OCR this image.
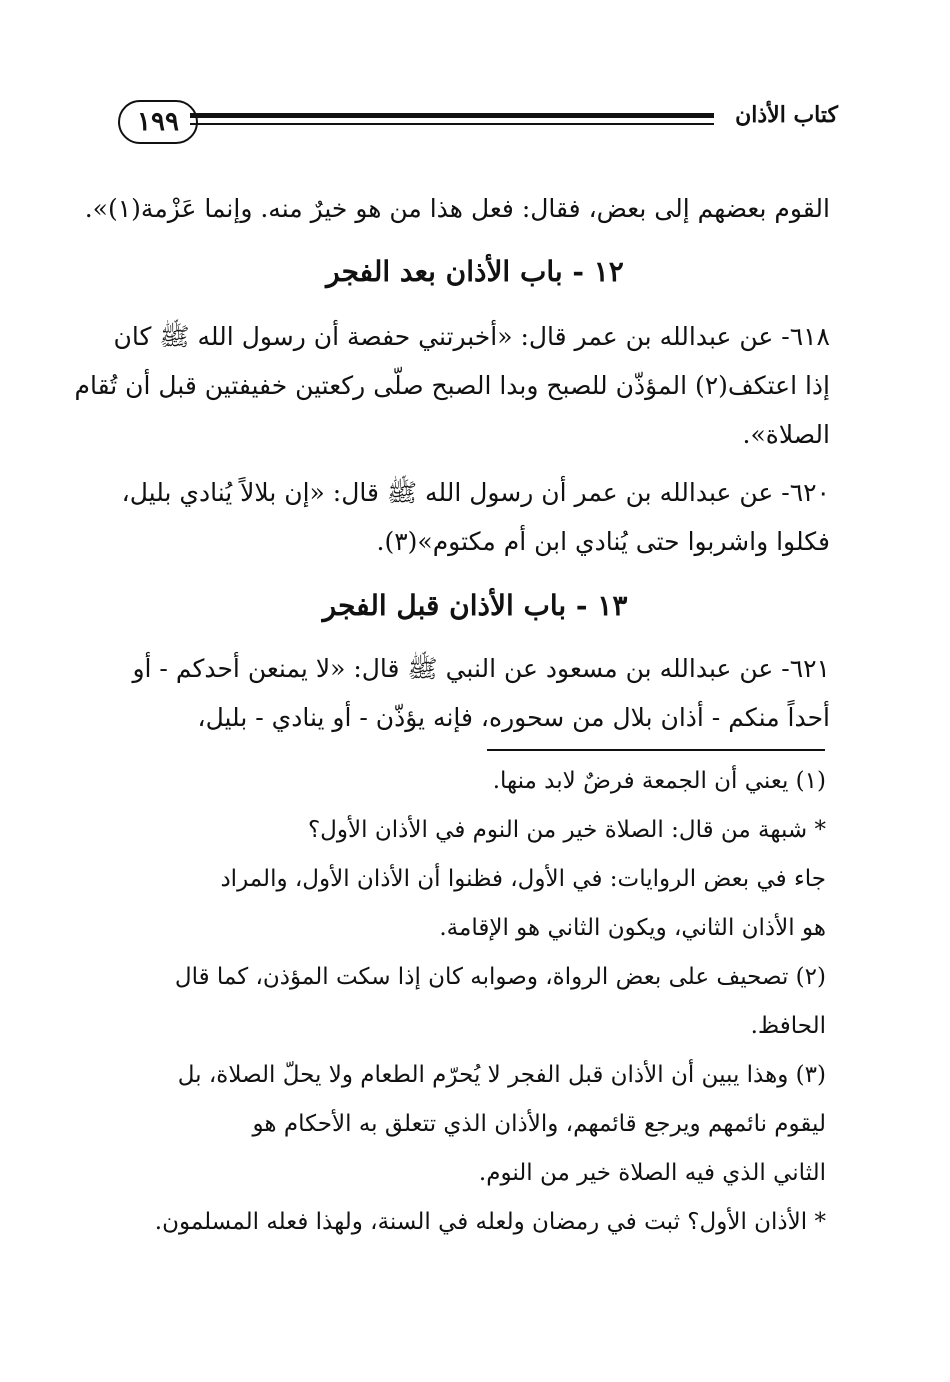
١٩٩	كتاب الأذان
القوم بعضهم إلى بعض، فقال: فعل هذا من هو خيرٌ منه. وإنما عَزْمة(١)».
١٢ - باب الأذان بعد الفجر
٦١٨- عن عبدالله بن عمر قال: «أخبرتني حفصة أن رسول الله ﷺ كان
إذا اعتكف(٢) المؤذّن للصبح وبدا الصبح صلّى ركعتين خفيفتين قبل أن تُقام
الصلاة».
٦٢٠- عن عبدالله بن عمر أن رسول الله ﷺ قال: «إن بلالاً يُنادي بليل،
فكلوا واشربوا حتى يُنادي ابن أم مكتوم»(٣).
١٣ - باب الأذان قبل الفجر
٦٢١- عن عبدالله بن مسعود عن النبي ﷺ قال: «لا يمنعن أحدكم - أو
أحداً منكم - أذان بلال من سحوره، فإنه يؤذّن - أو ينادي - بليل،
(١) يعني أن الجمعة فرضٌ لابد منها.
* شبهة من قال: الصلاة خير من النوم في الأذان الأول؟
جاء في بعض الروايات: في الأول، فظنوا أن الأذان الأول، والمراد
هو الأذان الثاني، ويكون الثاني هو الإقامة.
(٢) تصحيف على بعض الرواة، وصوابه كان إذا سكت المؤذن، كما قال
الحافظ.
(٣) وهذا يبين أن الأذان قبل الفجر لا يُحرّم الطعام ولا يحلّ الصلاة، بل
ليقوم نائمهم ويرجع قائمهم، والأذان الذي تتعلق به الأحكام هو
الثاني الذي فيه الصلاة خير من النوم.
* الأذان الأول؟ ثبت في رمضان ولعله في السنة، ولهذا فعله المسلمون.
